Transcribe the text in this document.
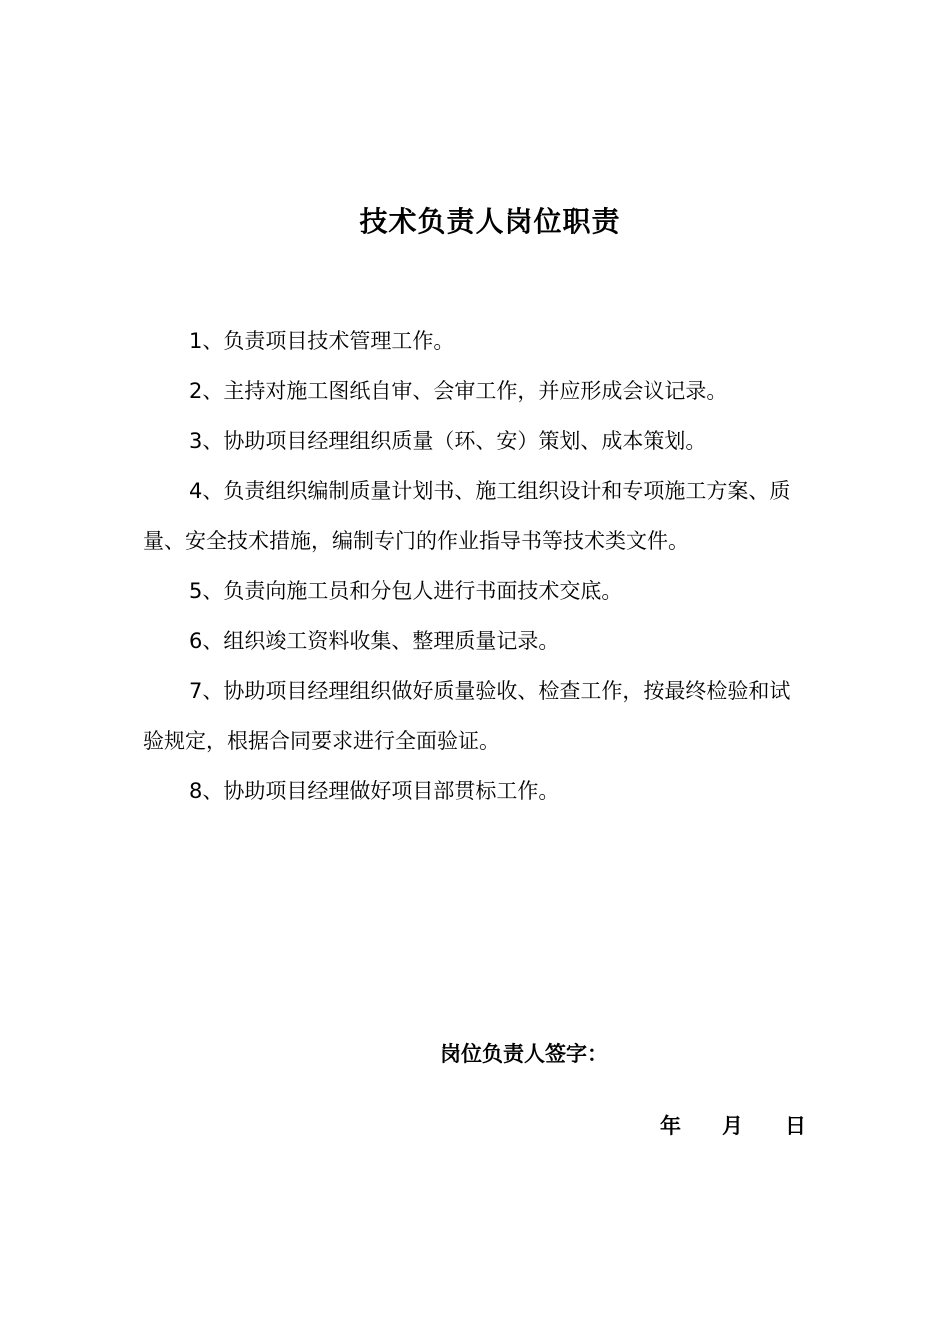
技术负责人岗位职责

1、负责项目技术管理工作。

2、主持对施工图纸自审、会审工作，并应形成会议记录。

3、协助项目经理组织质量（环、安）策划、成本策划。

4、负责组织编制质量计划书、施工组织设计和专项施工方案、质量、安全技术措施，编制专门的作业指导书等技术类文件。

5、负责向施工员和分包人进行书面技术交底。

6、组织竣工资料收集、整理质量记录。

7、协助项目经理组织做好质量验收、检查工作，按最终检验和试验规定，根据合同要求进行全面验证。

8、协助项目经理做好项目部贯标工作。

岗位负责人签字：
年 月 日
